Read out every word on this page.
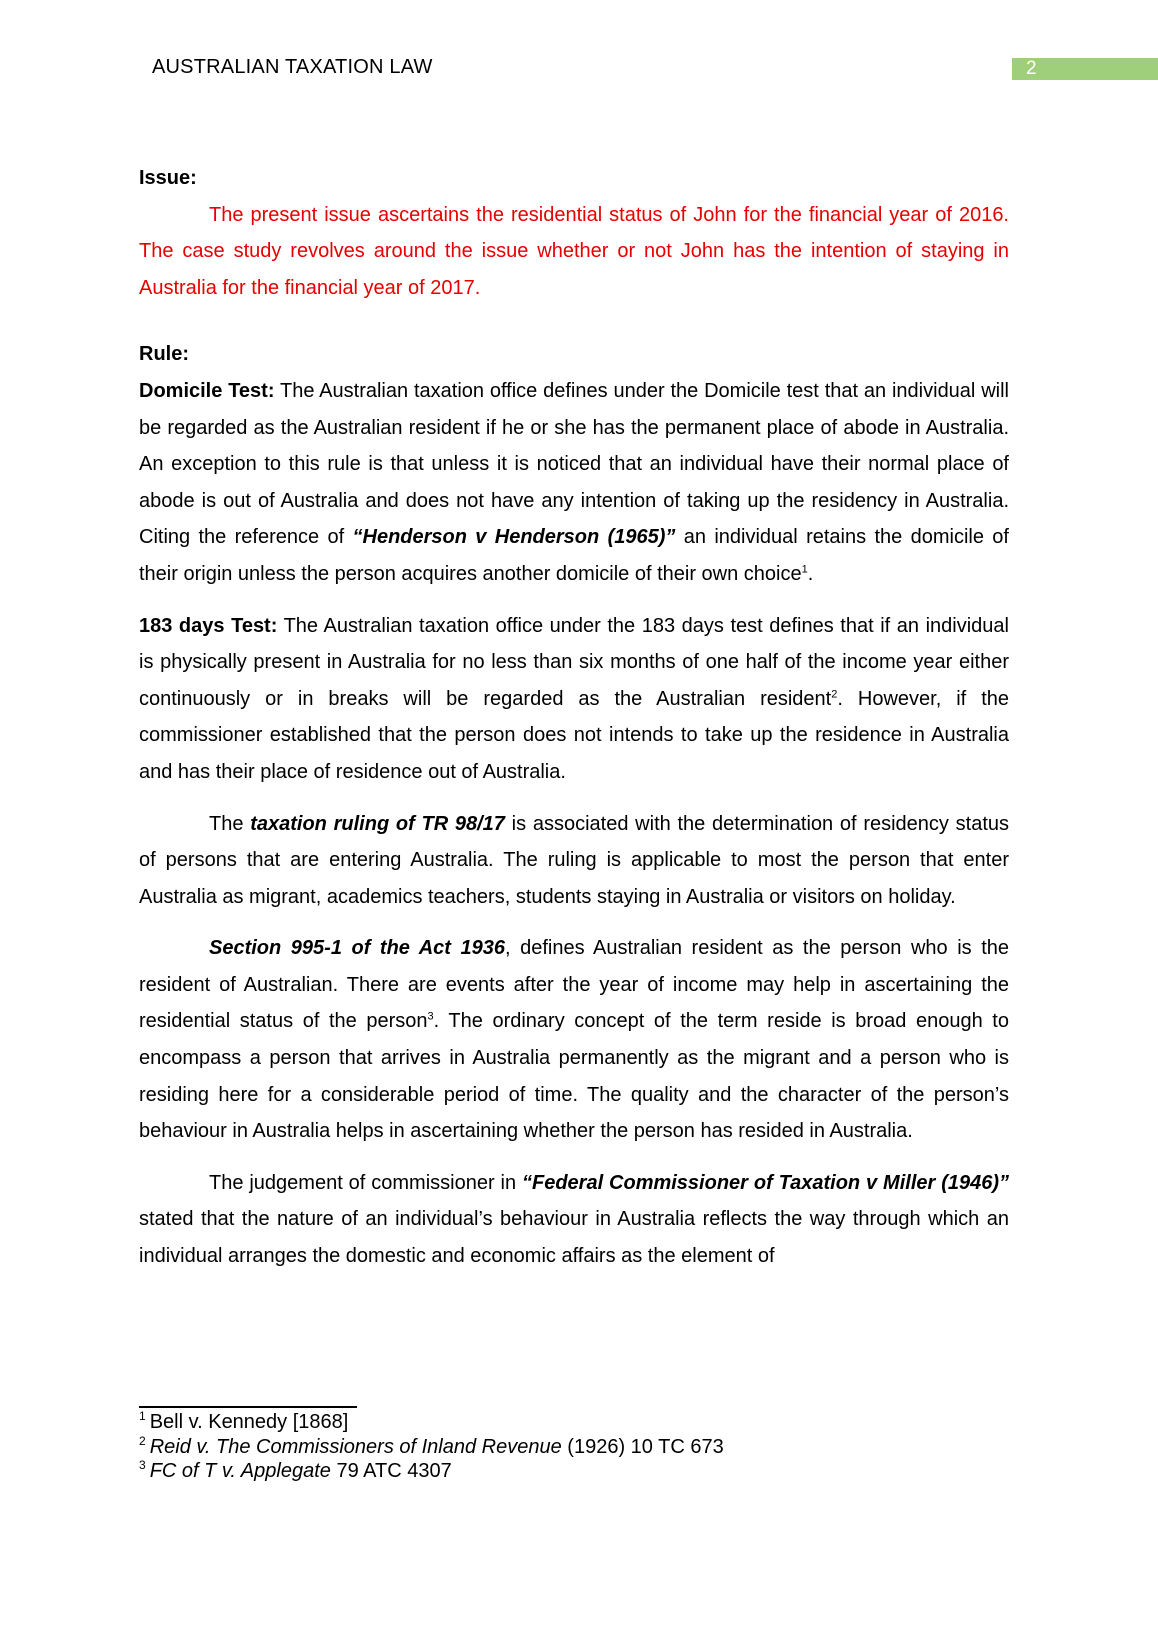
AUSTRALIAN TAXATION LAW	2

Issue:

The present issue ascertains the residential status of John for the financial year of 2016. The case study revolves around the issue whether or not John has the intention of staying in Australia for the financial year of 2017.

Rule:

Domicile Test: The Australian taxation office defines under the Domicile test that an individual will be regarded as the Australian resident if he or she has the permanent place of abode in Australia. An exception to this rule is that unless it is noticed that an individual have their normal place of abode is out of Australia and does not have any intention of taking up the residency in Australia. Citing the reference of “Henderson v Henderson (1965)” an individual retains the domicile of their origin unless the person acquires another domicile of their own choice$^1$.

183 days Test: The Australian taxation office under the 183 days test defines that if an individual is physically present in Australia for no less than six months of one half of the income year either continuously or in breaks will be regarded as the Australian resident$^2$. However, if the commissioner established that the person does not intends to take up the residence in Australia and has their place of residence out of Australia.

The taxation ruling of TR 98/17 is associated with the determination of residency status of persons that are entering Australia. The ruling is applicable to most the person that enter Australia as migrant, academics teachers, students staying in Australia or visitors on holiday.

Section 995-1 of the Act 1936, defines Australian resident as the person who is the resident of Australian. There are events after the year of income may help in ascertaining the residential status of the person$^3$. The ordinary concept of the term reside is broad enough to encompass a person that arrives in Australia permanently as the migrant and a person who is residing here for a considerable period of time. The quality and the character of the person’s behaviour in Australia helps in ascertaining whether the person has resided in Australia.

The judgement of commissioner in “Federal Commissioner of Taxation v Miller (1946)” stated that the nature of an individual’s behaviour in Australia reflects the way through which an individual arranges the domestic and economic affairs as the element of

$^1$ Bell v. Kennedy [1868]
$^2$ Reid v. The Commissioners of Inland Revenue (1926) 10 TC 673
$^3$ FC of T v. Applegate 79 ATC 4307
